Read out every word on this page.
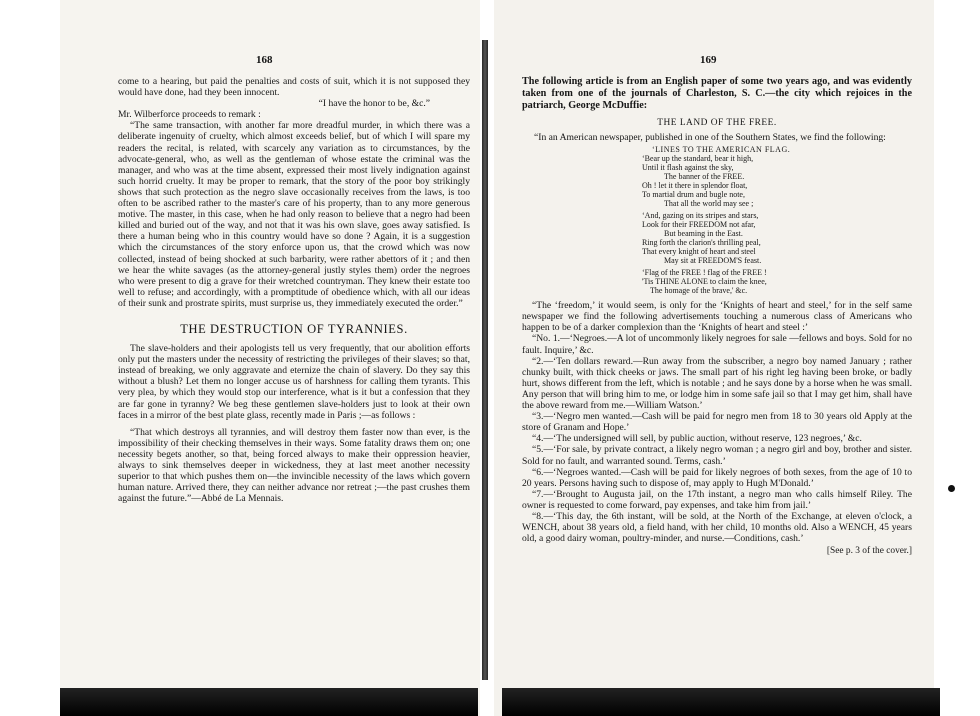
168

come to a hearing, but paid the penalties and costs of suit, which it is not supposed they would have done, had they been innocent.

“I have the honor to be, &c.”

Mr. Wilberforce proceeds to remark :

“The same transaction, with another far more dreadful murder, in which there was a deliberate ingenuity of cruelty, which almost exceeds belief, but of which I will spare my readers the recital, is related, with scarcely any variation as to circumstances, by the advocate-general, who, as well as the gentleman of whose estate the criminal was the manager, and who was at the time absent, expressed their most lively indignation against such horrid cruelty. It may be proper to remark, that the story of the poor boy strikingly shows that such protection as the negro slave occasionally receives from the laws, is too often to be ascribed rather to the master's care of his property, than to any more generous motive. The master, in this case, when he had only reason to believe that a negro had been killed and buried out of the way, and not that it was his own slave, goes away satisfied. Is there a human being who in this country would have so done ? Again, it is a suggestion which the circumstances of the story enforce upon us, that the crowd which was now collected, instead of being shocked at such barbarity, were rather abettors of it ; and then we hear the white savages (as the attorney-general justly styles them) order the negroes who were present to dig a grave for their wretched countryman. They knew their estate too well to refuse; and accordingly, with a promptitude of obedience which, with all our ideas of their sunk and prostrate spirits, must surprise us, they immediately executed the order.”

THE DESTRUCTION OF TYRANNIES.

The slave-holders and their apologists tell us very frequently, that our abolition efforts only put the masters under the necessity of restricting the privileges of their slaves; so that, instead of breaking, we only aggravate and eternize the chain of slavery. Do they say this without a blush? Let them no longer accuse us of harshness for calling them tyrants. This very plea, by which they would stop our interference, what is it but a confession that they are far gone in tyranny? We beg these gentlemen slave-holders just to look at their own faces in a mirror of the best plate glass, recently made in Paris ;—as follows :

“That which destroys all tyrannies, and will destroy them faster now than ever, is the impossibility of their checking themselves in their ways. Some fatality draws them on; one necessity begets another, so that, being forced always to make their oppression heavier, always to sink themselves deeper in wickedness, they at last meet another necessity superior to that which pushes them on—the invincible necessity of the laws which govern human nature. Arrived there, they can neither advance nor retreat ;—the past crushes them against the future.”—Abbé de La Mennais.

169

The following article is from an English paper of some two years ago, and was evidently taken from one of the journals of Charleston, S. C.—the city which rejoices in the patriarch, George McDuffie:

THE LAND OF THE FREE.

“In an American newspaper, published in one of the Southern States, we find the following:

‘LINES TO THE AMERICAN FLAG.
‘Bear up the standard, bear it high,
Until it flash against the sky,
The banner of the FREE.
Oh ! let it there in splendor float,
To martial drum and bugle note,
That all the world may see ;
‘And, gazing on its stripes and stars,
Look for their FREEDOM not afar,
But beaming in the East.
Ring forth the clarion's thrilling peal,
That every knight of heart and steel
May sit at FREEDOM'S feast.
‘Flag of the FREE ! flag of the FREE !
'Tis THINE ALONE to claim the knee,
The homage of the brave,' &c.

“The ‘freedom,’ it would seem, is only for the ‘Knights of heart and steel,’ for in the self same newspaper we find the following advertisements touching a numerous class of Americans who happen to be of a darker complexion than the ‘Knights of heart and steel :’

“No. 1.—‘Negroes.—A lot of uncommonly likely negroes for sale —fellows and boys. Sold for no fault. Inquire,’ &c.

“2.—‘Ten dollars reward.—Run away from the subscriber, a negro boy named January ; rather chunky built, with thick cheeks or jaws. The small part of his right leg having been broke, or badly hurt, shows different from the left, which is notable ; and he says done by a horse when he was small. Any person that will bring him to me, or lodge him in some safe jail so that I may get him, shall have the above reward from me.—William Watson.’

“3.—‘Negro men wanted.—Cash will be paid for negro men from 18 to 30 years old Apply at the store of Granam and Hope.’

“4.—‘The undersigned will sell, by public auction, without reserve, 123 negroes,’ &c.

“5.—‘For sale, by private contract, a likely negro woman ; a negro girl and boy, brother and sister. Sold for no fault, and warranted sound. Terms, cash.’

“6.—‘Negroes wanted.—Cash will be paid for likely negroes of both sexes, from the age of 10 to 20 years. Persons having such to dispose of, may apply to Hugh M'Donald.’

“7.—‘Brought to Augusta jail, on the 17th instant, a negro man who calls himself Riley. The owner is requested to come forward, pay expenses, and take him from jail.’

“8.—‘This day, the 6th instant, will be sold, at the North of the Exchange, at eleven o'clock, a WENCH, about 38 years old, a field hand, with her child, 10 months old. Also a WENCH, 45 years old, a good dairy woman, poultry-minder, and nurse.—Conditions, cash.’

[See p. 3 of the cover.]
